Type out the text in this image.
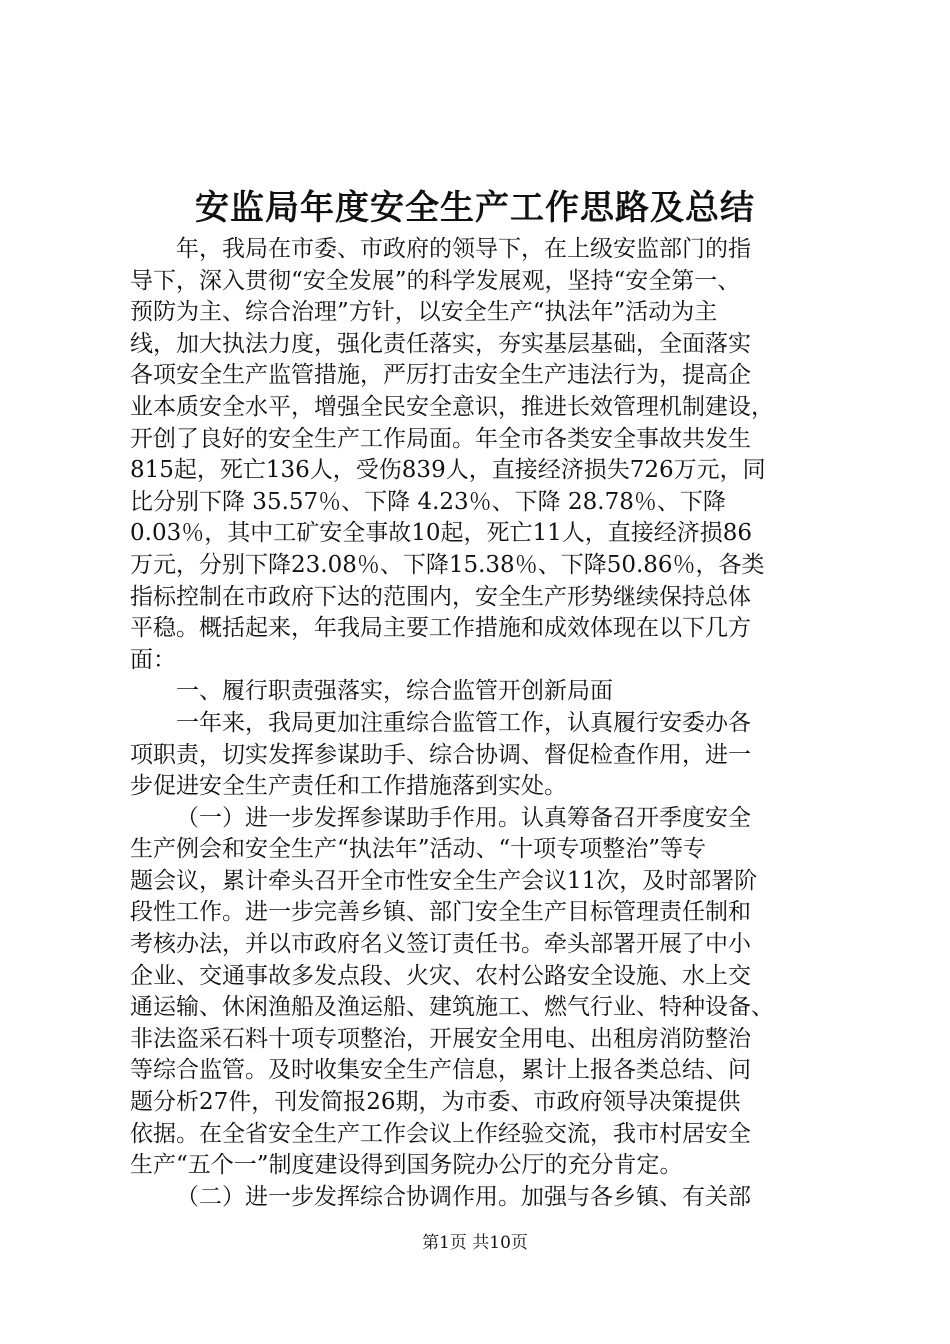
安监局年度安全生产工作思路及总结
年，我局在市委、市政府的领导下，在上级安监部门的指
导下，深入贯彻“安全发展”的科学发展观，坚持“安全第一、
预防为主、综合治理”方针，以安全生产“执法年”活动为主
线，加大执法力度，强化责任落实，夯实基层基础，全面落实
各项安全生产监管措施，严厉打击安全生产违法行为，提高企
业本质安全水平，增强全民安全意识，推进长效管理机制建设，
开创了良好的安全生产工作局面。年全市各类安全事故共发生
815起，死亡136人，受伤839人，直接经济损失726万元，同
比分别下降 35.57％、下降 4.23％、下降 28.78％、下降
0.03％，其中工矿安全事故10起，死亡11人，直接经济损86
万元，分别下降23.08％、下降15.38％、下降50.86％，各类
指标控制在市政府下达的范围内，安全生产形势继续保持总体
平稳。概括起来，年我局主要工作措施和成效体现在以下几方
面：
一、履行职责强落实，综合监管开创新局面
一年来，我局更加注重综合监管工作，认真履行安委办各
项职责，切实发挥参谋助手、综合协调、督促检查作用，进一
步促进安全生产责任和工作措施落到实处。
（一）进一步发挥参谋助手作用。认真筹备召开季度安全
生产例会和安全生产“执法年”活动、“十项专项整治”等专
题会议，累计牵头召开全市性安全生产会议11次，及时部署阶
段性工作。进一步完善乡镇、部门安全生产目标管理责任制和
考核办法，并以市政府名义签订责任书。牵头部署开展了中小
企业、交通事故多发点段、火灾、农村公路安全设施、水上交
通运输、休闲渔船及渔运船、建筑施工、燃气行业、特种设备、
非法盗采石料十项专项整治，开展安全用电、出租房消防整治
等综合监管。及时收集安全生产信息，累计上报各类总结、问
题分析27件，刊发简报26期，为市委、市政府领导决策提供
依据。在全省安全生产工作会议上作经验交流，我市村居安全
生产“五个一”制度建设得到国务院办公厅的充分肯定。
（二）进一步发挥综合协调作用。加强与各乡镇、有关部
第1页 共10页
